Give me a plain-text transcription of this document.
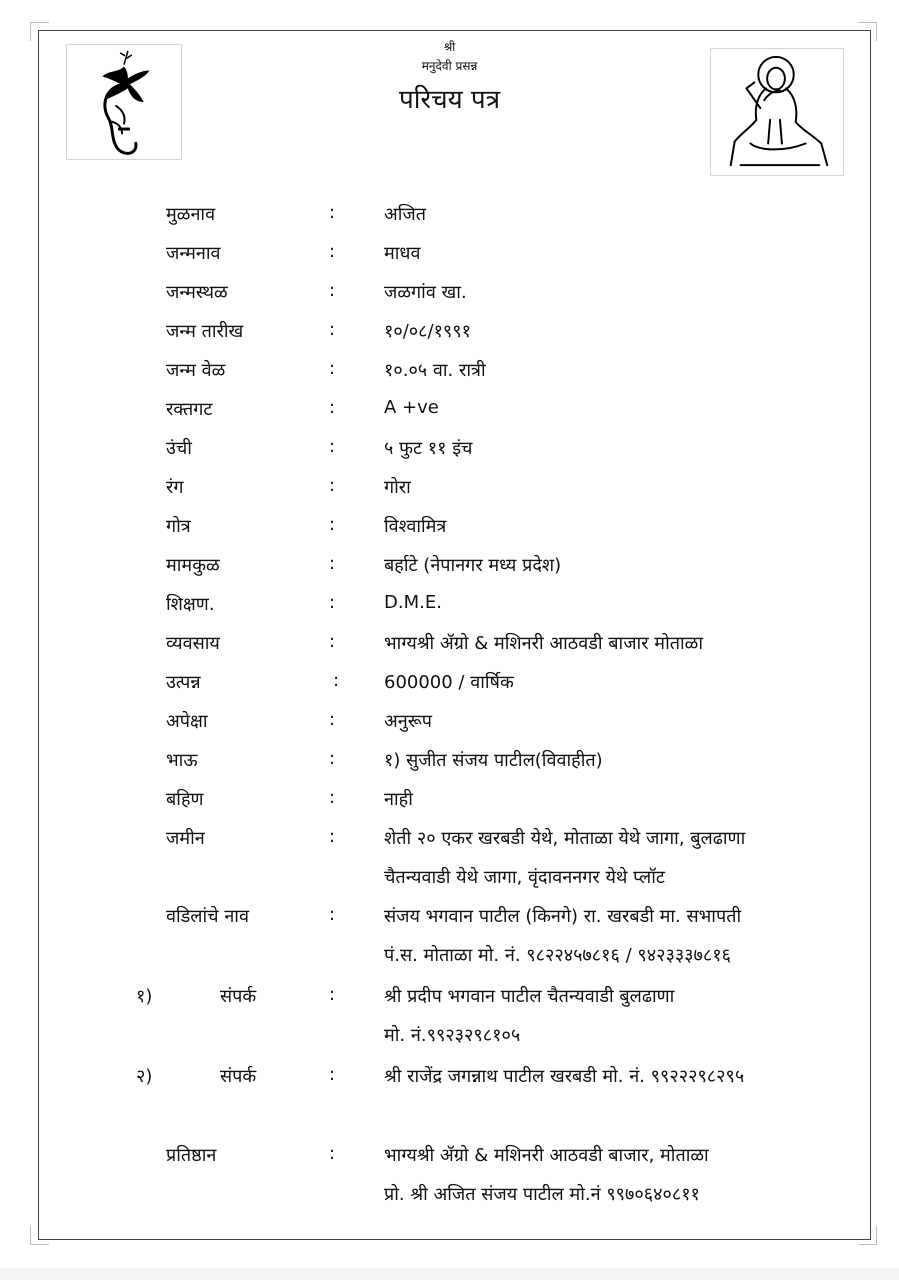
श्री
मनुदेवी प्रसन्न
परिचय पत्र
मुळनाव	:	अजित
जन्मनाव	:	माधव
जन्मस्थळ	:	जळगांव खा.
जन्म तारीख	:	१०/०८/१९९१
जन्म वेळ	:	१०.०५ वा. रात्री
रक्तगट	:	A +ve
उंची	:	५ फुट ११ इंच
रंग	:	गोरा
गोत्र	:	विश्वामित्र
मामकुळ	:	बर्हाटे (नेपानगर मध्य प्रदेश)
शिक्षण.	:	D.M.E.
व्यवसाय	:	भाग्यश्री ॲग्रो & मशिनरी आठवडी बाजार मोताळा
उत्पन्न	: 600000 / वार्षिक
अपेक्षा	:	अनुरूप
भाऊ	:	१) सुजीत संजय पाटील(विवाहीत)
बहिण	:	नाही
जमीन	:	शेती २० एकर खरबडी येथे, मोताळा येथे जागा, बुलढाणा
चैतन्यवाडी येथे जागा, वृंदावननगर येथे प्लॉट
वडिलांचे नाव	:	संजय भगवान पाटील (किनगे) रा. खरबडी मा. सभापती
पं.स. मोताळा मो. नं. ९८२२४५७८१६ / ९४२३३३७८१६
१)	संपर्क	:	श्री प्रदीप भगवान पाटील चैतन्यवाडी बुलढाणा
मो. नं.९९२३२९८१०५
२)	संपर्क	:	श्री राजेंद्र जगन्नाथ पाटील खरबडी मो. नं. ९९२२२९८२९५
प्रतिष्ठान	:	भाग्यश्री ॲग्रो & मशिनरी आठवडी बाजार, मोताळा
प्रो. श्री अजित संजय पाटील मो.नं ९९७०६४०८११
